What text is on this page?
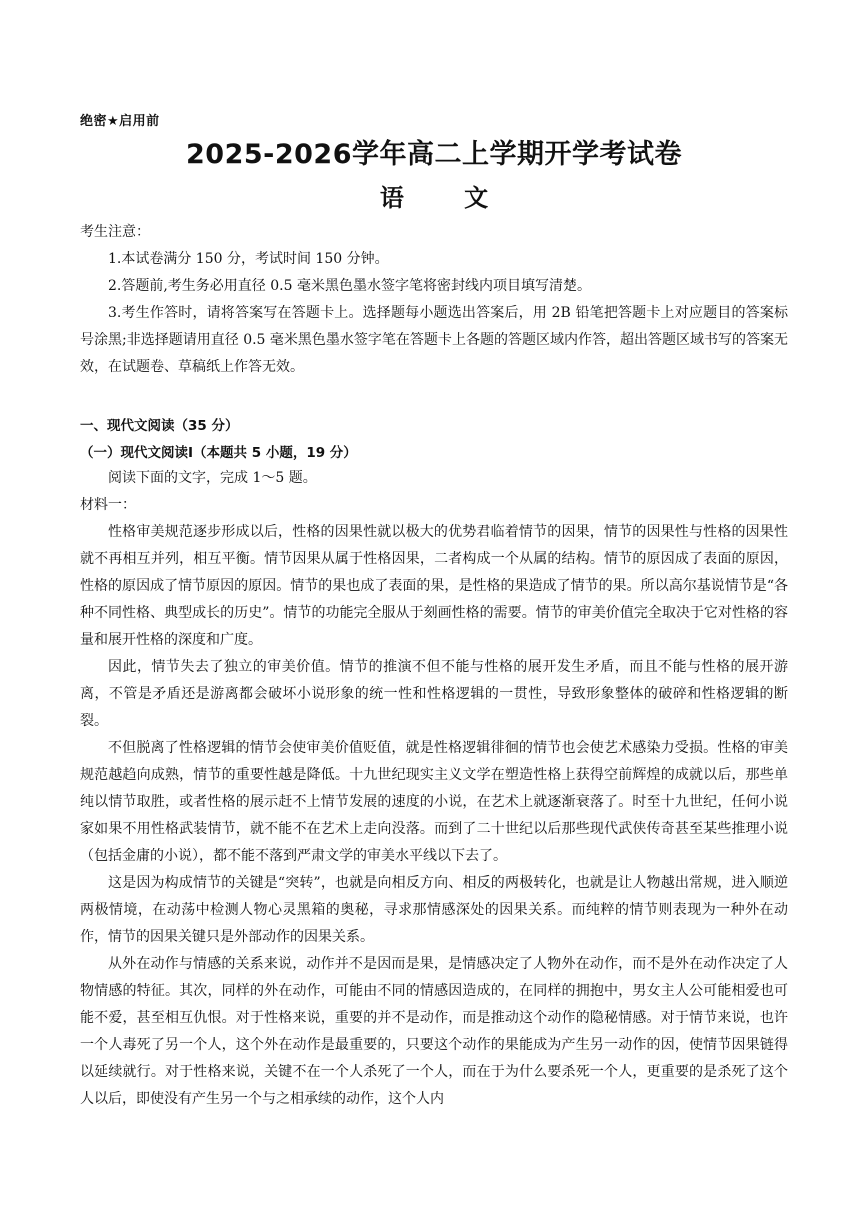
绝密★启用前
2025-2026学年高二上学期开学考试卷
语 文
考生注意：

1.本试卷满分 150 分，考试时间 150 分钟。

2.答题前,考生务必用直径 0.5 毫米黑色墨水签字笔将密封线内项目填写清楚。

3.考生作答时，请将答案写在答题卡上。选择题每小题选出答案后，用 2B 铅笔把答题卡上对应题目的答案标号涂黑;非选择题请用直径 0.5 毫米黑色墨水签字笔在答题卡上各题的答题区域内作答，超出答题区域书写的答案无效，在试题卷、草稿纸上作答无效。

一、现代文阅读（35 分）
（一）现代文阅读Ⅰ（本题共 5 小题，19 分）

阅读下面的文字，完成 1～5 题。

材料一：

性格审美规范逐步形成以后，性格的因果性就以极大的优势君临着情节的因果，情节的因果性与性格的因果性就不再相互并列，相互平衡。情节因果从属于性格因果，二者构成一个从属的结构。情节的原因成了表面的原因，性格的原因成了情节原因的原因。情节的果也成了表面的果，是性格的果造成了情节的果。所以高尔基说情节是“各种不同性格、典型成长的历史”。情节的功能完全服从于刻画性格的需要。情节的审美价值完全取决于它对性格的容量和展开性格的深度和广度。

因此，情节失去了独立的审美价值。情节的推演不但不能与性格的展开发生矛盾，而且不能与性格的展开游离，不管是矛盾还是游离都会破坏小说形象的统一性和性格逻辑的一贯性，导致形象整体的破碎和性格逻辑的断裂。

不但脱离了性格逻辑的情节会使审美价值贬值，就是性格逻辑徘徊的情节也会使艺术感染力受损。性格的审美规范越趋向成熟，情节的重要性越是降低。十九世纪现实主义文学在塑造性格上获得空前辉煌的成就以后，那些单纯以情节取胜，或者性格的展示赶不上情节发展的速度的小说，在艺术上就逐渐衰落了。时至十九世纪，任何小说家如果不用性格武装情节，就不能不在艺术上走向没落。而到了二十世纪以后那些现代武侠传奇甚至某些推理小说（包括金庸的小说），都不能不落到严肃文学的审美水平线以下去了。

这是因为构成情节的关键是“突转”，也就是向相反方向、相反的两极转化，也就是让人物越出常规，进入顺逆两极情境，在动荡中检测人物心灵黑箱的奥秘，寻求那情感深处的因果关系。而纯粹的情节则表现为一种外在动作，情节的因果关键只是外部动作的因果关系。

从外在动作与情感的关系来说，动作并不是因而是果，是情感决定了人物外在动作，而不是外在动作决定了人物情感的特征。其次，同样的外在动作，可能由不同的情感因造成的，在同样的拥抱中，男女主人公可能相爱也可能不爱，甚至相互仇恨。对于性格来说，重要的并不是动作，而是推动这个动作的隐秘情感。对于情节来说，也许一个人毒死了另一个人，这个外在动作是最重要的，只要这个动作的果能成为产生另一动作的因，使情节因果链得以延续就行。对于性格来说，关键不在一个人杀死了一个人，而在于为什么要杀死一个人，更重要的是杀死了这个人以后，即使没有产生另一个与之相承续的动作，这个人内
